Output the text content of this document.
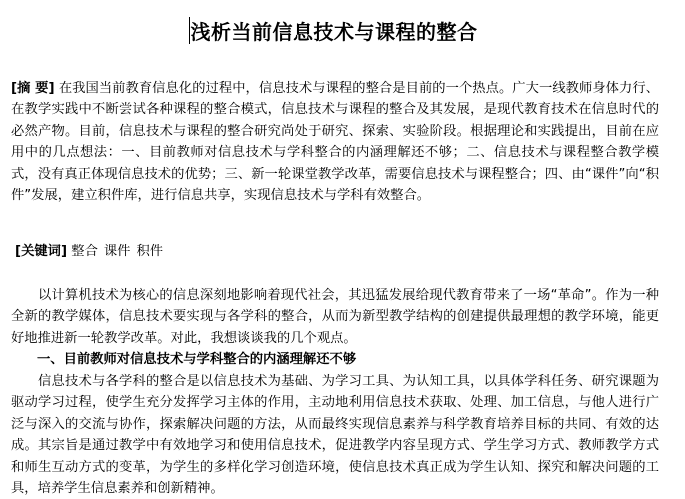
浅析当前信息技术与课程的整合

[摘 要] 在我国当前教育信息化的过程中，信息技术与课程的整合是目前的一个热点。广大一线教师身体力行、在教学实践中不断尝试各种课程的整合模式，信息技术与课程的整合及其发展，是现代教育技术在信息时代的必然产物。目前，信息技术与课程的整合研究尚处于研究、探索、实验阶段。根据理论和实践提出，目前在应用中的几点想法：一、目前教师对信息技术与学科整合的内涵理解还不够；二、信息技术与课程整合教学模式，没有真正体现信息技术的优势；三、新一轮课堂教学改革，需要信息技术与课程整合；四、由“课件”向“积件”发展，建立积件库，进行信息共享，实现信息技术与学科有效整合。

[关键词] 整合 课件 积件

以计算机技术为核心的信息深刻地影响着现代社会，其迅猛发展给现代教育带来了一场“革命”。作为一种全新的教学媒体，信息技术要实现与各学科的整合，从而为新型教学结构的创建提供最理想的教学环境，能更好地推进新一轮教学改革。对此，我想谈谈我的几个观点。

一、目前教师对信息技术与学科整合的内涵理解还不够

信息技术与各学科的整合是以信息技术为基础、为学习工具、为认知工具，以具体学科任务、研究课题为驱动学习过程，使学生充分发挥学习主体的作用，主动地利用信息技术获取、处理、加工信息，与他人进行广泛与深入的交流与协作，探索解决问题的方法，从而最终实现信息素养与科学教育培养目标的共同、有效的达成。其宗旨是通过教学中有效地学习和使用信息技术，促进教学内容呈现方式、学生学习方式、教师教学方式和师生互动方式的变革，为学生的多样化学习创造环境，使信息技术真正成为学生认知、探究和解决问题的工具，培养学生信息素养和创新精神。
